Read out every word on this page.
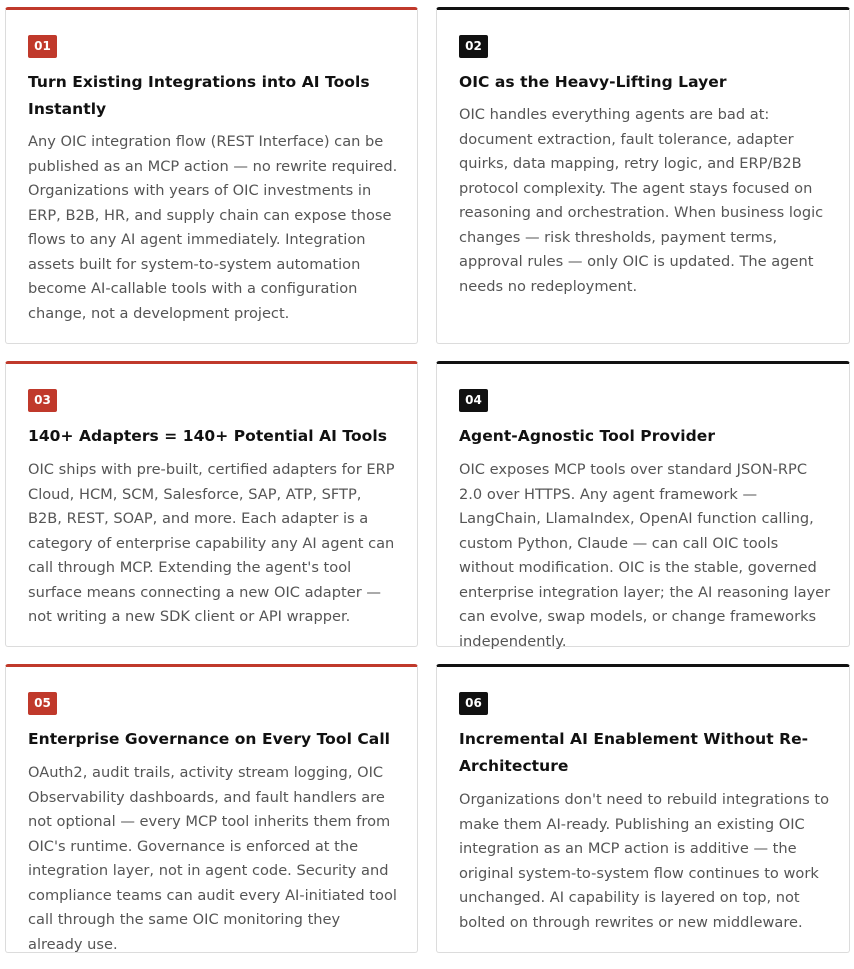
01
Turn Existing Integrations into AI Tools Instantly

Any OIC integration flow (REST Interface) can be published as an MCP action — no rewrite required. Organizations with years of OIC investments in ERP, B2B, HR, and supply chain can expose those flows to any AI agent immediately. Integration assets built for system-to-system automation become AI-callable tools with a configuration change, not a development project.

02
OIC as the Heavy-Lifting Layer

OIC handles everything agents are bad at: document extraction, fault tolerance, adapter quirks, data mapping, retry logic, and ERP/B2B protocol complexity. The agent stays focused on reasoning and orchestration. When business logic changes — risk thresholds, payment terms, approval rules — only OIC is updated. The agent needs no redeployment.

03
140+ Adapters = 140+ Potential AI Tools

OIC ships with pre-built, certified adapters for ERP Cloud, HCM, SCM, Salesforce, SAP, ATP, SFTP, B2B, REST, SOAP, and more. Each adapter is a category of enterprise capability any AI agent can call through MCP. Extending the agent's tool surface means connecting a new OIC adapter — not writing a new SDK client or API wrapper.

04
Agent-Agnostic Tool Provider

OIC exposes MCP tools over standard JSON-RPC 2.0 over HTTPS. Any agent framework — LangChain, LlamaIndex, OpenAI function calling, custom Python, Claude — can call OIC tools without modification. OIC is the stable, governed enterprise integration layer; the AI reasoning layer can evolve, swap models, or change frameworks independently.

05
Enterprise Governance on Every Tool Call

OAuth2, audit trails, activity stream logging, OIC Observability dashboards, and fault handlers are not optional — every MCP tool inherits them from OIC's runtime. Governance is enforced at the integration layer, not in agent code. Security and compliance teams can audit every AI-initiated tool call through the same OIC monitoring they already use.

06
Incremental AI Enablement Without Re-Architecture

Organizations don't need to rebuild integrations to make them AI-ready. Publishing an existing OIC integration as an MCP action is additive — the original system-to-system flow continues to work unchanged. AI capability is layered on top, not bolted on through rewrites or new middleware.
